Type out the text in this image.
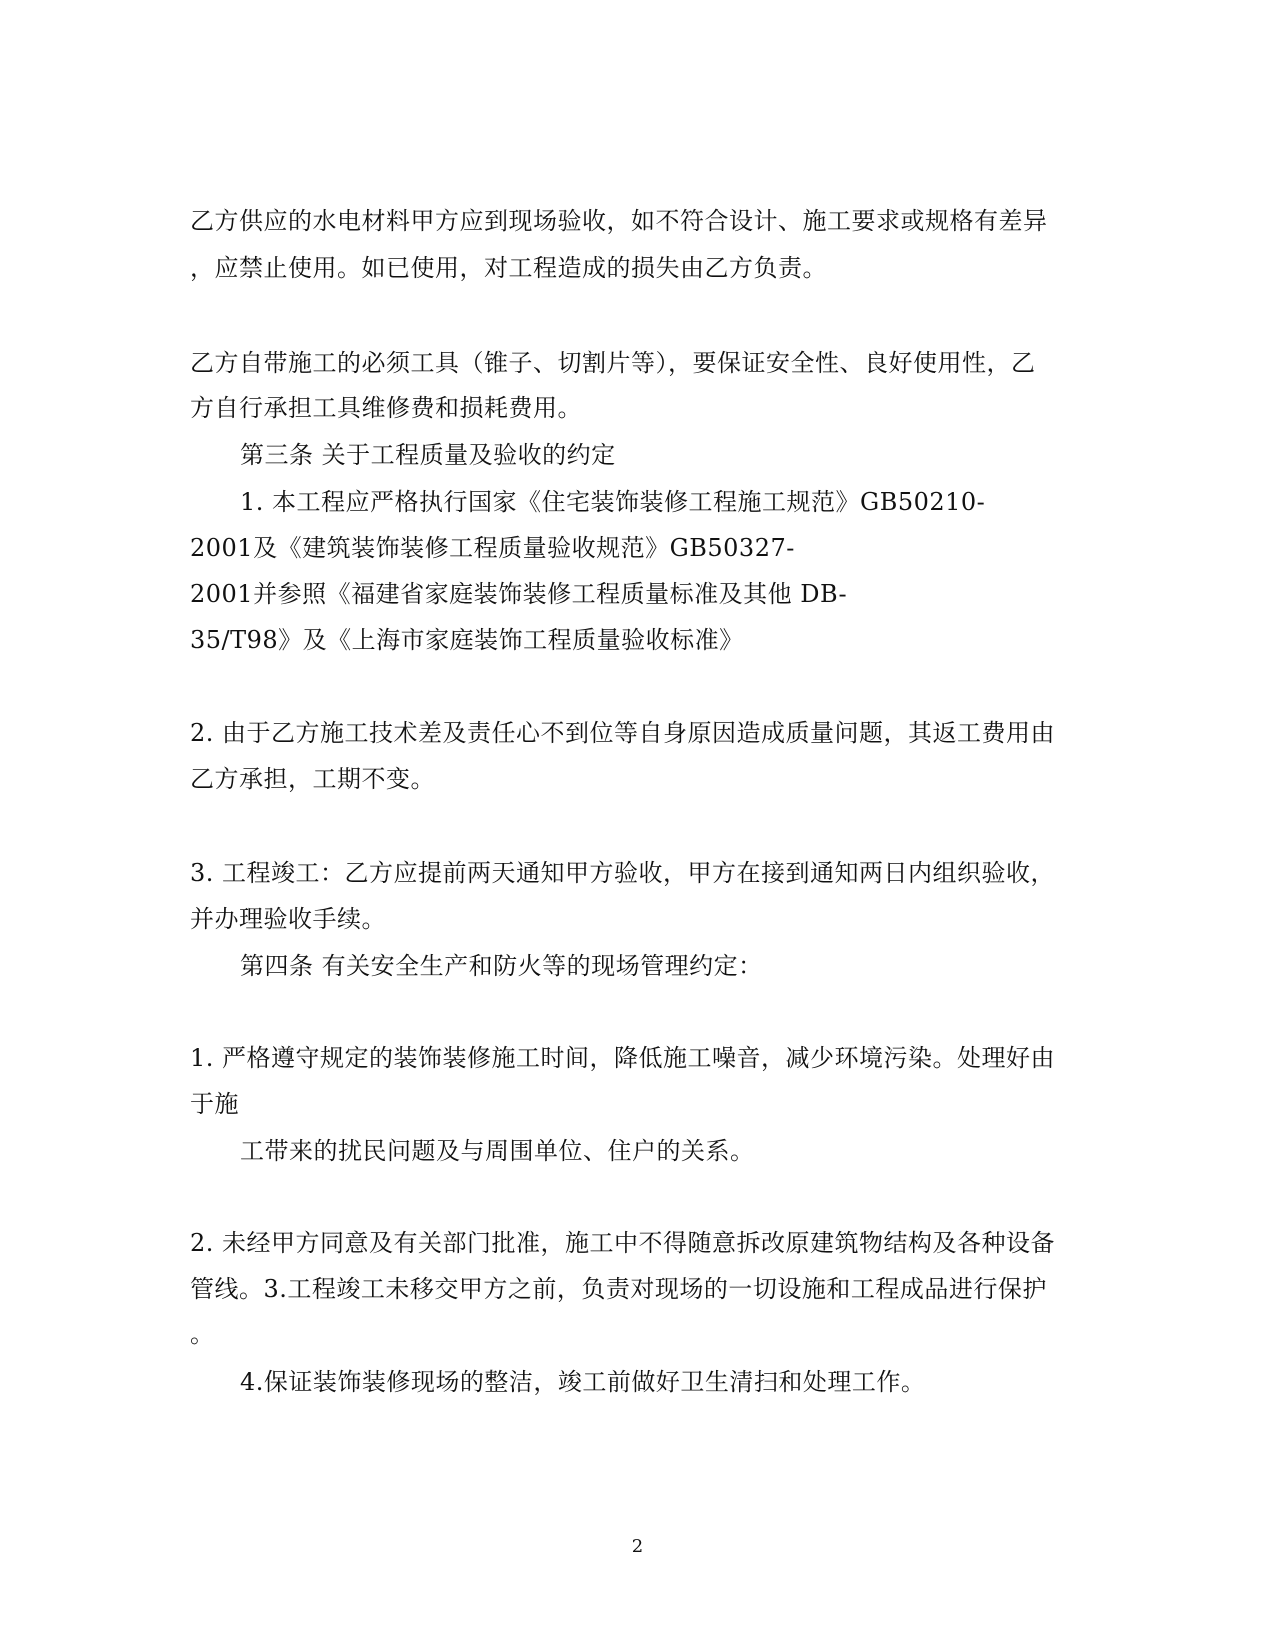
乙方供应的水电材料甲方应到现场验收，如不符合设计、施工要求或规格有差异
，应禁止使用。如已使用，对工程造成的损失由乙方负责。
乙方自带施工的必须工具（锥子、切割片等），要保证安全性、良好使用性，乙
方自行承担工具维修费和损耗费用。
第三条 关于工程质量及验收的约定
1. 本工程应严格执行国家《住宅装饰装修工程施工规范》GB50210-
2001及《建筑装饰装修工程质量验收规范》GB50327-
2001并参照《福建省家庭装饰装修工程质量标准及其他 DB-
35/T98》及《上海市家庭装饰工程质量验收标准》
2. 由于乙方施工技术差及责任心不到位等自身原因造成质量问题，其返工费用由
乙方承担，工期不变。
3. 工程竣工：乙方应提前两天通知甲方验收，甲方在接到通知两日内组织验收，
并办理验收手续。
第四条 有关安全生产和防火等的现场管理约定：
1. 严格遵守规定的装饰装修施工时间，降低施工噪音，减少环境污染。处理好由
于施
工带来的扰民问题及与周围单位、住户的关系。
2. 未经甲方同意及有关部门批准，施工中不得随意拆改原建筑物结构及各种设备
管线。3.工程竣工未移交甲方之前，负责对现场的一切设施和工程成品进行保护
。
4.保证装饰装修现场的整洁，竣工前做好卫生清扫和处理工作。
2
